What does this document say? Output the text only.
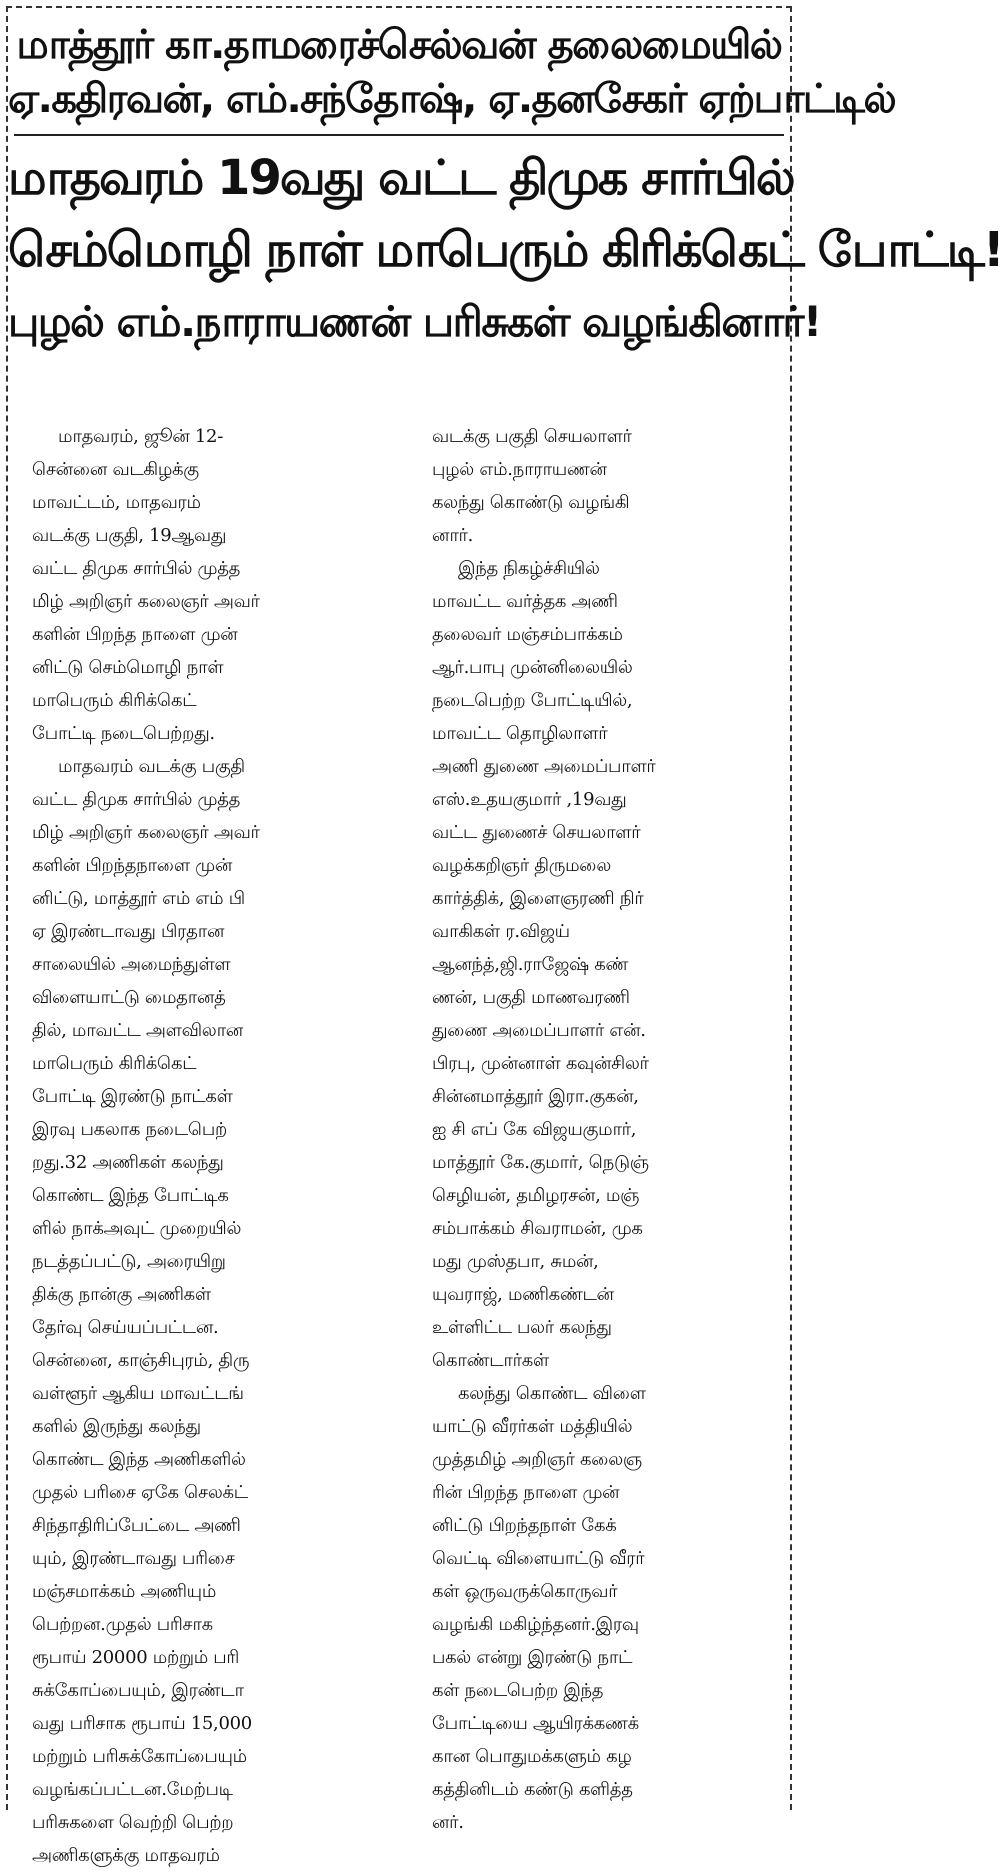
மாத்தூர் கா.தாமரைச்செல்வன் தலைமையில்
ஏ.கதிரவன், எம்.சந்தோஷ், ஏ.தனசேகர் ஏற்பாட்டில்
மாதவரம் 19வது வட்ட திமுக சார்பில்
செம்மொழி நாள் மாபெரும் கிரிக்கெட் போட்டி!
புழல் எம்.நாராயணன் பரிசுகள் வழங்கினார்!
மாதவரம், ஜூன் 12-
சென்னை வடகிழக்கு
மாவட்டம், மாதவரம்
வடக்கு பகுதி, 19ஆவது
வட்ட திமுக சார்பில் முத்த
மிழ் அறிஞர் கலைஞர் அவர்
களின் பிறந்த நாளை முன்
னிட்டு செம்மொழி நாள்
மாபெரும் கிரிக்கெட்
போட்டி நடைபெற்றது.
மாதவரம் வடக்கு பகுதி
வட்ட திமுக சார்பில் முத்த
மிழ் அறிஞர் கலைஞர் அவர்
களின் பிறந்தநாளை முன்
னிட்டு, மாத்தூர் எம் எம் பி
ஏ இரண்டாவது பிரதான
சாலையில் அமைந்துள்ள
விளையாட்டு மைதானத்
தில், மாவட்ட அளவிலான
மாபெரும் கிரிக்கெட்
போட்டி இரண்டு நாட்கள்
இரவு பகலாக நடைபெற்
றது.32 அணிகள் கலந்து
கொண்ட இந்த போட்டிக
ளில் நாக்அவுட் முறையில்
நடத்தப்பட்டு, அரையிறு
திக்கு நான்கு அணிகள்
தேர்வு செய்யப்பட்டன.
சென்னை, காஞ்சிபுரம், திரு
வள்ளூர் ஆகிய மாவட்டங்
களில் இருந்து கலந்து
கொண்ட இந்த அணிகளில்
முதல் பரிசை ஏகே செலக்ட்
சிந்தாதிரிப்பேட்டை அணி
யும், இரண்டாவது பரிசை
மஞ்சமாக்கம் அணியும்
பெற்றன.முதல் பரிசாக
ரூபாய் 20000 மற்றும் பரி
சுக்கோப்பையும், இரண்டா
வது பரிசாக ரூபாய் 15,000
மற்றும் பரிசுக்கோப்பையும்
வழங்கப்பட்டன.மேற்படி
பரிசுகளை வெற்றி பெற்ற
அணிகளுக்கு மாதவரம்
வடக்கு பகுதி செயலாளர்
புழல் எம்.நாராயணன்
கலந்து கொண்டு வழங்கி
னார்.
இந்த நிகழ்ச்சியில்
மாவட்ட வர்த்தக அணி
தலைவர் மஞ்சம்பாக்கம்
ஆர்.பாபு முன்னிலையில்
நடைபெற்ற போட்டியில்,
மாவட்ட தொழிலாளர்
அணி துணை அமைப்பாளர்
எஸ்.உதயகுமார் ,19வது
வட்ட துணைச் செயலாளர்
வழக்கறிஞர் திருமலை
கார்த்திக், இளைஞரணி நிர்
வாகிகள் ர.விஜய்
ஆனந்த்,ஜி.ராஜேஷ் கண்
ணன், பகுதி மாணவரணி
துணை அமைப்பாளர் என்.
பிரபு, முன்னாள் கவுன்சிலர்
சின்னமாத்தூர் இரா.குகன்,
ஐ சி எப் கே விஜயகுமார்,
மாத்தூர் கே.குமார், நெடுஞ்
செழியன், தமிழரசன், மஞ்
சம்பாக்கம் சிவராமன், முக
மது முஸ்தபா, சுமன்,
யுவராஜ், மணிகண்டன்
உள்ளிட்ட பலர் கலந்து
கொண்டார்கள்
கலந்து கொண்ட விளை
யாட்டு வீரர்கள் மத்தியில்
முத்தமிழ் அறிஞர் கலைஞ
ரின் பிறந்த நாளை முன்
னிட்டு பிறந்தநாள் கேக்
வெட்டி விளையாட்டு வீரர்
கள் ஒருவருக்கொருவர்
வழங்கி மகிழ்ந்தனர்.இரவு
பகல் என்று இரண்டு நாட்
கள் நடைபெற்ற இந்த
போட்டியை ஆயிரக்கணக்
கான பொதுமக்களும் கழ
கத்தினிடம் கண்டு களித்த
னர்.
